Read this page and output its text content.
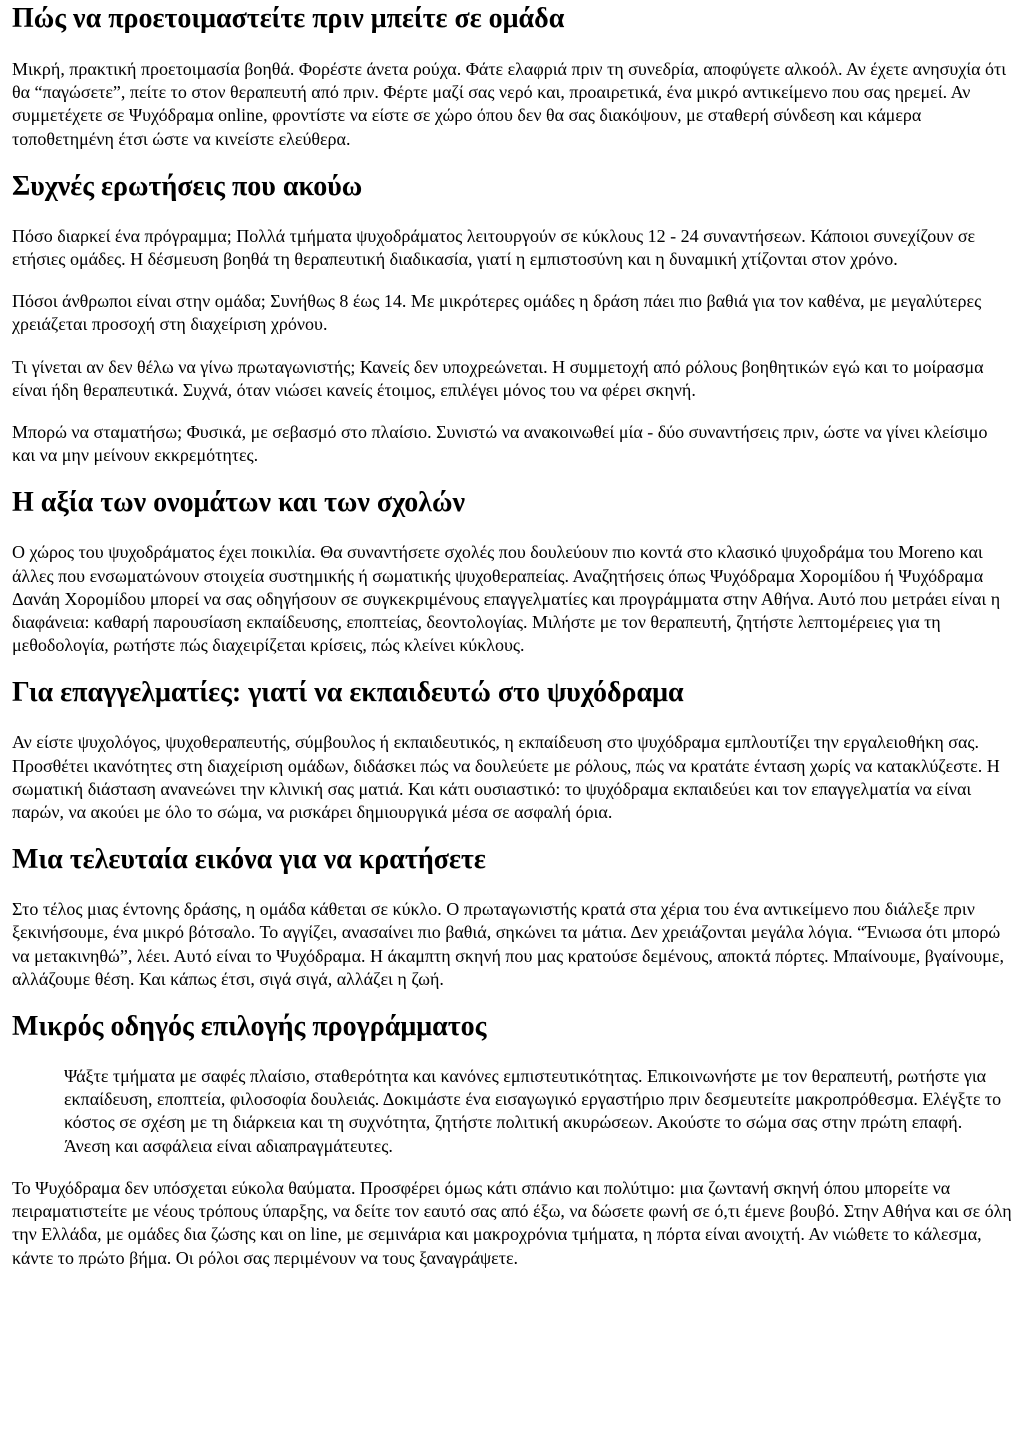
Πώς να προετοιμαστείτε πριν μπείτε σε ομάδα

Μικρή, πρακτική προετοιμασία βοηθά. Φορέστε άνετα ρούχα. Φάτε ελαφριά πριν τη συνεδρία, αποφύγετε αλκοόλ. Αν έχετε ανησυχία ότι θα “παγώσετε”, πείτε το στον θεραπευτή από πριν. Φέρτε μαζί σας νερό και, προαιρετικά, ένα μικρό αντικείμενο που σας ηρεμεί. Αν συμμετέχετε σε Ψυχόδραμα online, φροντίστε να είστε σε χώρο όπου δεν θα σας διακόψουν, με σταθερή σύνδεση και κάμερα τοποθετημένη έτσι ώστε να κινείστε ελεύθερα.

Συχνές ερωτήσεις που ακούω

Πόσο διαρκεί ένα πρόγραμμα; Πολλά τμήματα ψυχοδράματος λειτουργούν σε κύκλους 12 - 24 συναντήσεων. Κάποιοι συνεχίζουν σε ετήσιες ομάδες. Η δέσμευση βοηθά τη θεραπευτική διαδικασία, γιατί η εμπιστοσύνη και η δυναμική χτίζονται στον χρόνο.

Πόσοι άνθρωποι είναι στην ομάδα; Συνήθως 8 έως 14. Με μικρότερες ομάδες η δράση πάει πιο βαθιά για τον καθένα, με μεγαλύτερες χρειάζεται προσοχή στη διαχείριση χρόνου.

Τι γίνεται αν δεν θέλω να γίνω πρωταγωνιστής; Κανείς δεν υποχρεώνεται. Η συμμετοχή από ρόλους βοηθητικών εγώ και το μοίρασμα είναι ήδη θεραπευτικά. Συχνά, όταν νιώσει κανείς έτοιμος, επιλέγει μόνος του να φέρει σκηνή.

Μπορώ να σταματήσω; Φυσικά, με σεβασμό στο πλαίσιο. Συνιστώ να ανακοινωθεί μία - δύο συναντήσεις πριν, ώστε να γίνει κλείσιμο και να μην μείνουν εκκρεμότητες.

Η αξία των ονομάτων και των σχολών

Ο χώρος του ψυχοδράματος έχει ποικιλία. Θα συναντήσετε σχολές που δουλεύουν πιο κοντά στο κλασικό ψυχοδράμα του Moreno και άλλες που ενσωματώνουν στοιχεία συστημικής ή σωματικής ψυχοθεραπείας. Αναζητήσεις όπως Ψυχόδραμα Χορομίδου ή Ψυχόδραμα Δανάη Χορομίδου μπορεί να σας οδηγήσουν σε συγκεκριμένους επαγγελματίες και προγράμματα στην Αθήνα. Αυτό που μετράει είναι η διαφάνεια: καθαρή παρουσίαση εκπαίδευσης, εποπτείας, δεοντολογίας. Μιλήστε με τον θεραπευτή, ζητήστε λεπτομέρειες για τη μεθοδολογία, ρωτήστε πώς διαχειρίζεται κρίσεις, πώς κλείνει κύκλους.

Για επαγγελματίες: γιατί να εκπαιδευτώ στο ψυχόδραμα

Αν είστε ψυχολόγος, ψυχοθεραπευτής, σύμβουλος ή εκπαιδευτικός, η εκπαίδευση στο ψυχόδραμα εμπλουτίζει την εργαλειοθήκη σας. Προσθέτει ικανότητες στη διαχείριση ομάδων, διδάσκει πώς να δουλεύετε με ρόλους, πώς να κρατάτε ένταση χωρίς να κατακλύζεστε. Η σωματική διάσταση ανανεώνει την κλινική σας ματιά. Και κάτι ουσιαστικό: το ψυχόδραμα εκπαιδεύει και τον επαγγελματία να είναι παρών, να ακούει με όλο το σώμα, να ρισκάρει δημιουργικά μέσα σε ασφαλή όρια.

Μια τελευταία εικόνα για να κρατήσετε

Στο τέλος μιας έντονης δράσης, η ομάδα κάθεται σε κύκλο. Ο πρωταγωνιστής κρατά στα χέρια του ένα αντικείμενο που διάλεξε πριν ξεκινήσουμε, ένα μικρό βότσαλο. Το αγγίζει, ανασαίνει πιο βαθιά, σηκώνει τα μάτια. Δεν χρειάζονται μεγάλα λόγια. “Ένιωσα ότι μπορώ να μετακινηθώ”, λέει. Αυτό είναι το Ψυχόδραμα. Η άκαμπτη σκηνή που μας κρατούσε δεμένους, αποκτά πόρτες. Μπαίνουμε, βγαίνουμε, αλλάζουμε θέση. Και κάπως έτσι, σιγά σιγά, αλλάζει η ζωή.

Μικρός οδηγός επιλογής προγράμματος

Ψάξτε τμήματα με σαφές πλαίσιο, σταθερότητα και κανόνες εμπιστευτικότητας. Επικοινωνήστε με τον θεραπευτή, ρωτήστε για εκπαίδευση, εποπτεία, φιλοσοφία δουλειάς. Δοκιμάστε ένα εισαγωγικό εργαστήριο πριν δεσμευτείτε μακροπρόθεσμα. Ελέγξτε το κόστος σε σχέση με τη διάρκεια και τη συχνότητα, ζητήστε πολιτική ακυρώσεων. Ακούστε το σώμα σας στην πρώτη επαφή. Άνεση και ασφάλεια είναι αδιαπραγμάτευτες.

Το Ψυχόδραμα δεν υπόσχεται εύκολα θαύματα. Προσφέρει όμως κάτι σπάνιο και πολύτιμο: μια ζωντανή σκηνή όπου μπορείτε να πειραματιστείτε με νέους τρόπους ύπαρξης, να δείτε τον εαυτό σας από έξω, να δώσετε φωνή σε ό,τι έμενε βουβό. Στην Αθήνα και σε όλη την Ελλάδα, με ομάδες δια ζώσης και on line, με σεμινάρια και μακροχρόνια τμήματα, η πόρτα είναι ανοιχτή. Αν νιώθετε το κάλεσμα, κάντε το πρώτο βήμα. Οι ρόλοι σας περιμένουν να τους ξαναγράψετε.
